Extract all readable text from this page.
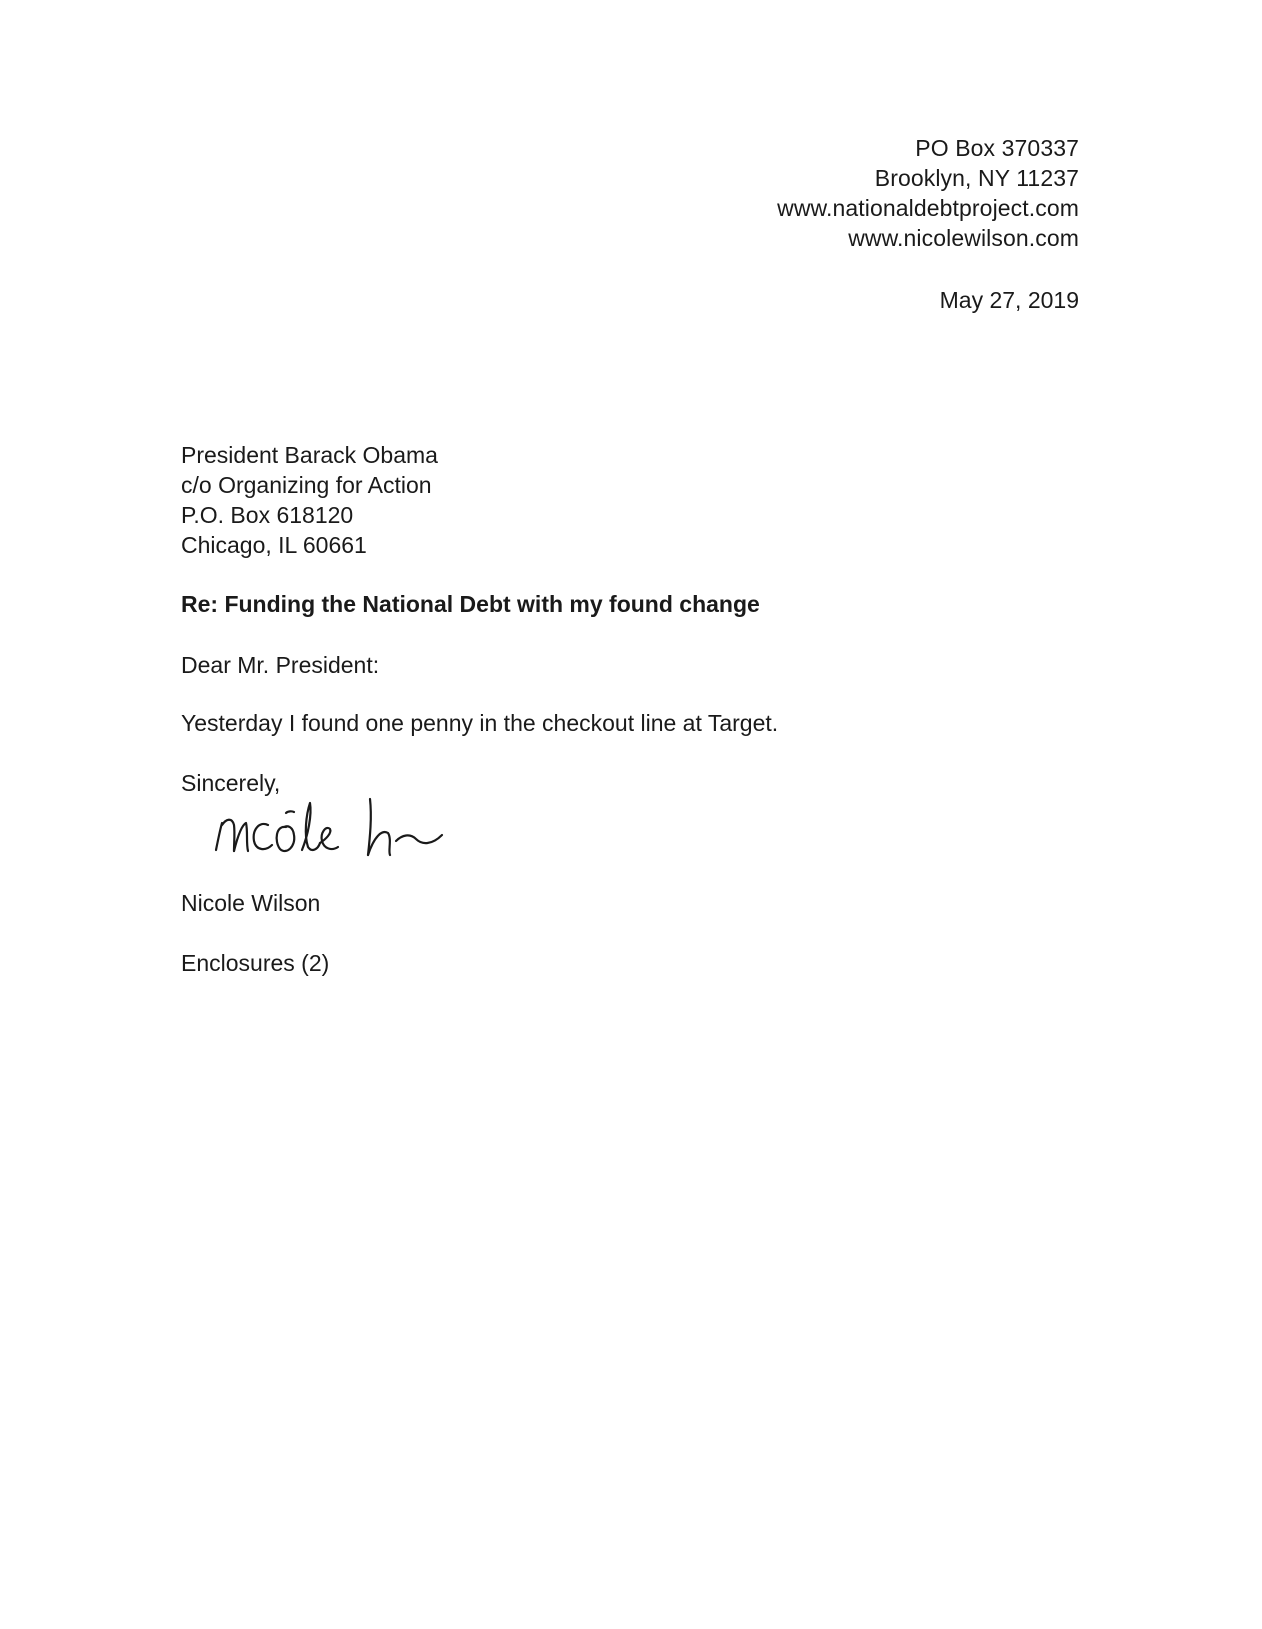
PO Box 370337
Brooklyn, NY 11237
www.nationaldebtproject.com
www.nicolewilson.com
May 27, 2019
President Barack Obama
c/o Organizing for Action
P.O. Box 618120
Chicago, IL 60661
Re: Funding the National Debt with my found change
Dear Mr. President:
Yesterday I found one penny in the checkout line at Target.
Sincerely,
Nicole Wilson
Enclosures (2)
